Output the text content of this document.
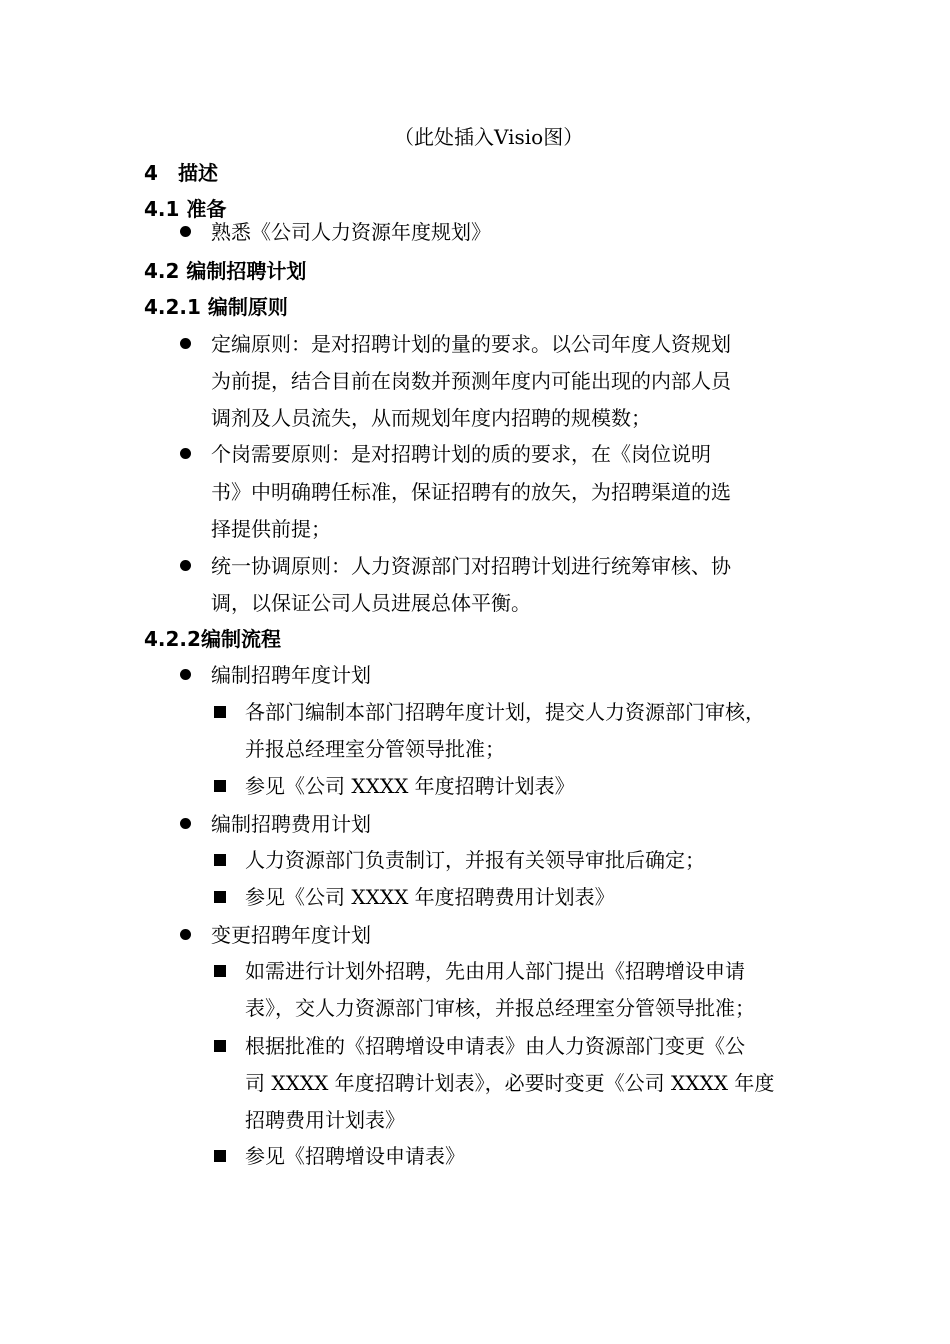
（此处插入Visio图）
4 描述
4.1 准备
熟悉《公司人力资源年度规划》
4.2 编制招聘计划
4.2.1 编制原则
定编原则：是对招聘计划的量的要求。以公司年度人资规划
为前提，结合目前在岗数并预测年度内可能出现的内部人员
调剂及人员流失，从而规划年度内招聘的规模数；
个岗需要原则：是对招聘计划的质的要求，在《岗位说明
书》中明确聘任标准，保证招聘有的放矢，为招聘渠道的选
择提供前提；
统一协调原则：人力资源部门对招聘计划进行统筹审核、协
调，以保证公司人员进展总体平衡。
4.2.2编制流程
编制招聘年度计划
各部门编制本部门招聘年度计划，提交人力资源部门审核，
并报总经理室分管领导批准；
参见《公司 XXXX 年度招聘计划表》
编制招聘费用计划
人力资源部门负责制订，并报有关领导审批后确定；
参见《公司 XXXX 年度招聘费用计划表》
变更招聘年度计划
如需进行计划外招聘，先由用人部门提出《招聘增设申请
表》，交人力资源部门审核，并报总经理室分管领导批准；
根据批准的《招聘增设申请表》由人力资源部门变更《公
司 XXXX 年度招聘计划表》，必要时变更《公司 XXXX 年度
招聘费用计划表》
参见《招聘增设申请表》
